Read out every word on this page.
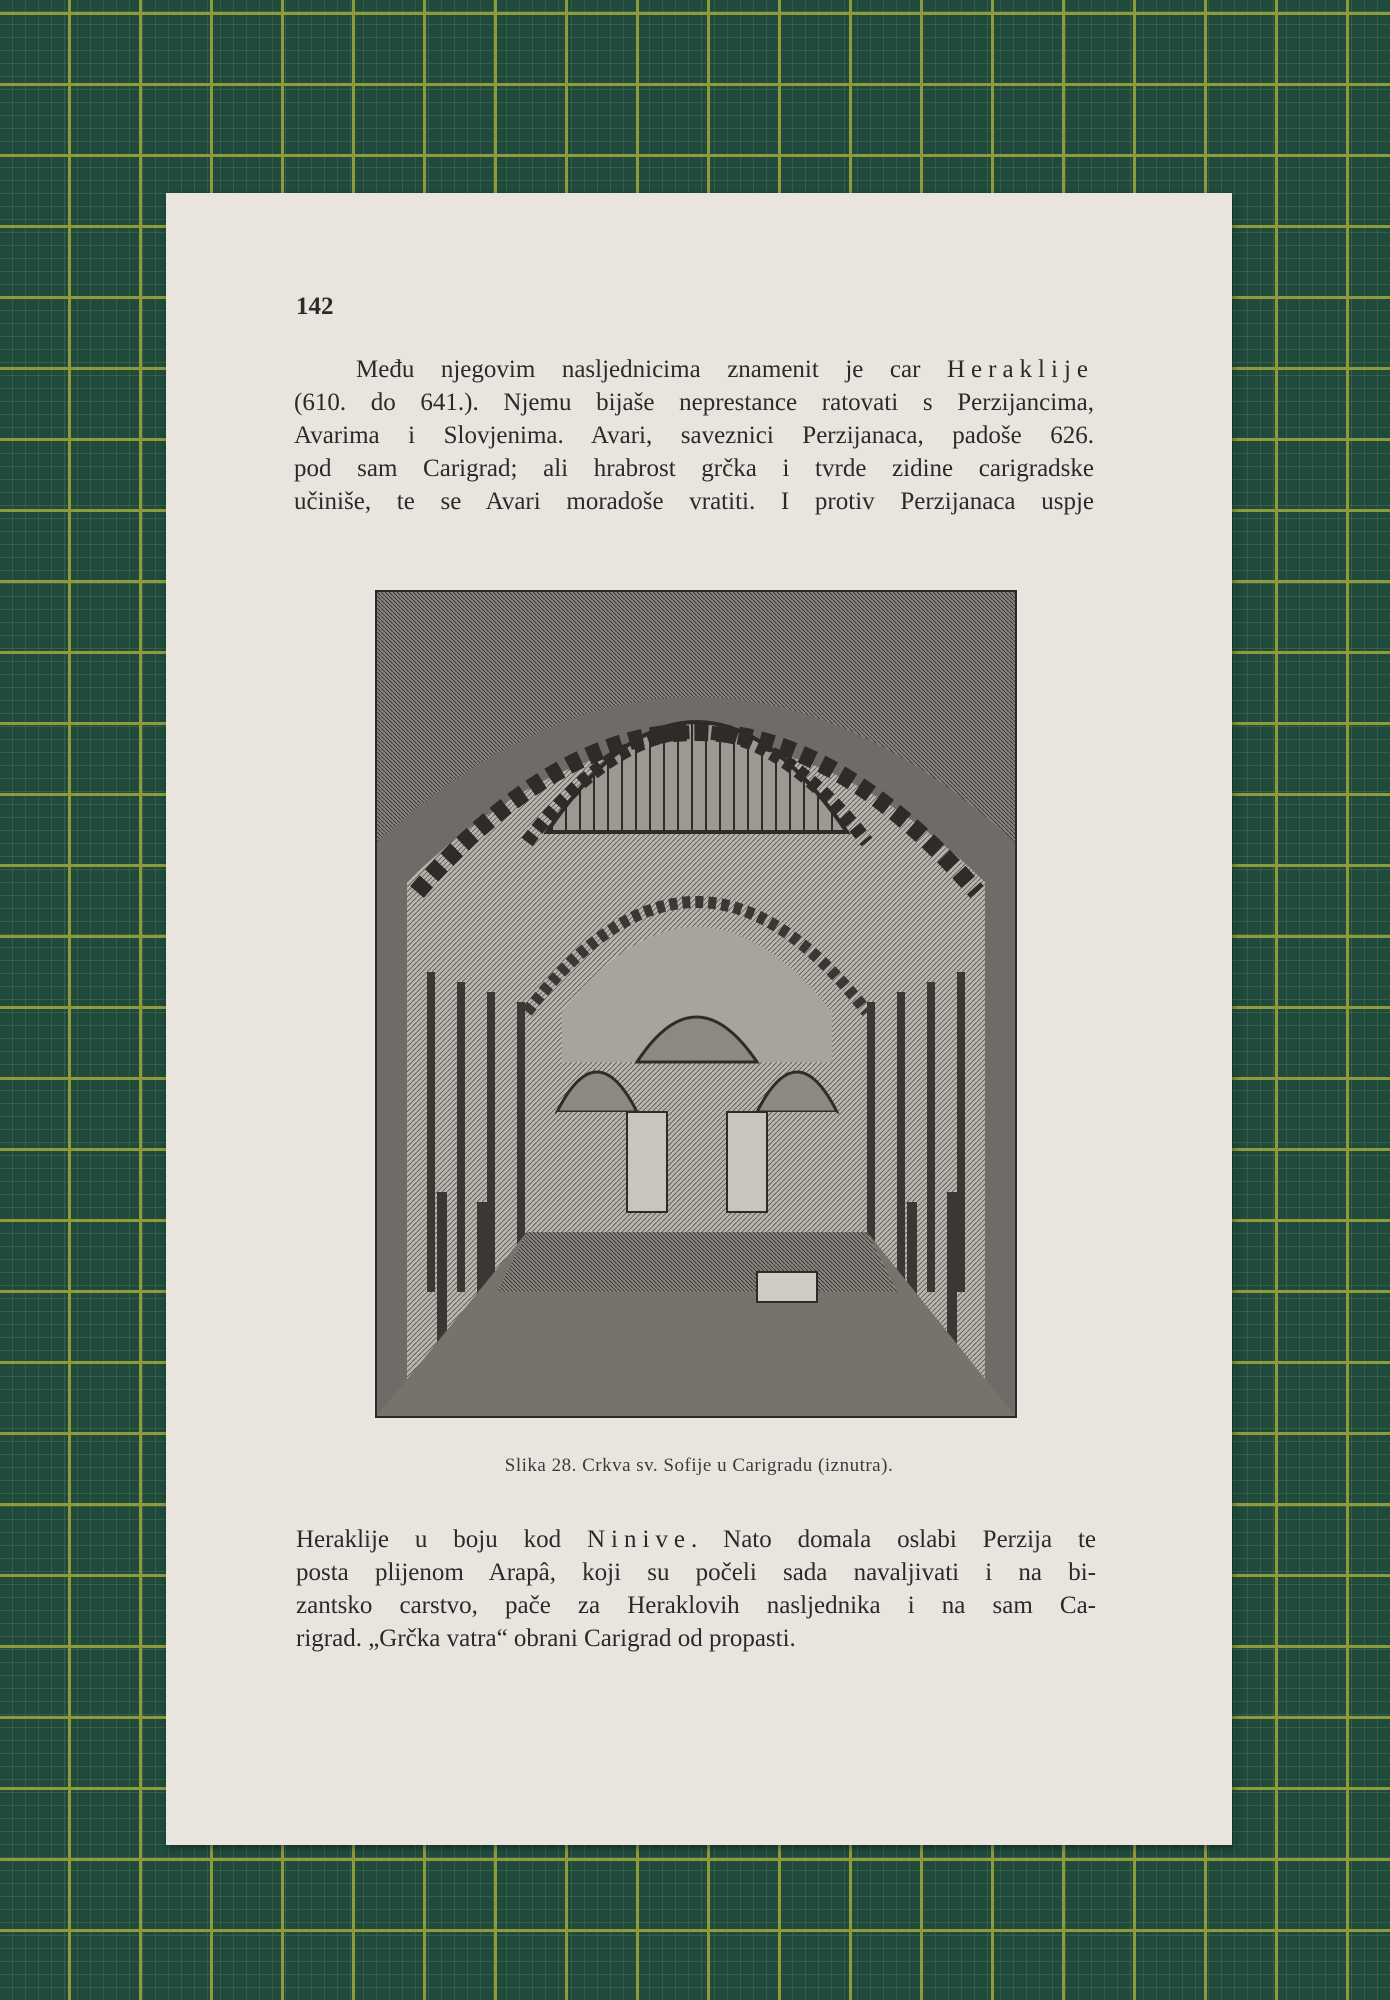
142
Među njegovim nasljednicima znamenit je car Heraklije
(610. do 641.). Njemu bijaše neprestance ratovati s Perzijancima,
Avarima i Slovjenima. Avari, saveznici Perzijanaca, padoše 626.
pod sam Carigrad; ali hrabrost grčka i tvrde zidine carigradske
učiniše, te se Avari moradoše vratiti. I protiv Perzijanaca uspje
Slika 28. Crkva sv. Sofije u Carigradu (iznutra).
Heraklije u boju kod Ninive. Nato domala oslabi Perzija te
posta plijenom Arapâ, koji su počeli sada navaljivati i na bi-
zantsko carstvo, pače za Heraklovih nasljednika i na sam Ca-
rigrad. „Grčka vatra“ obrani Carigrad od propasti.
